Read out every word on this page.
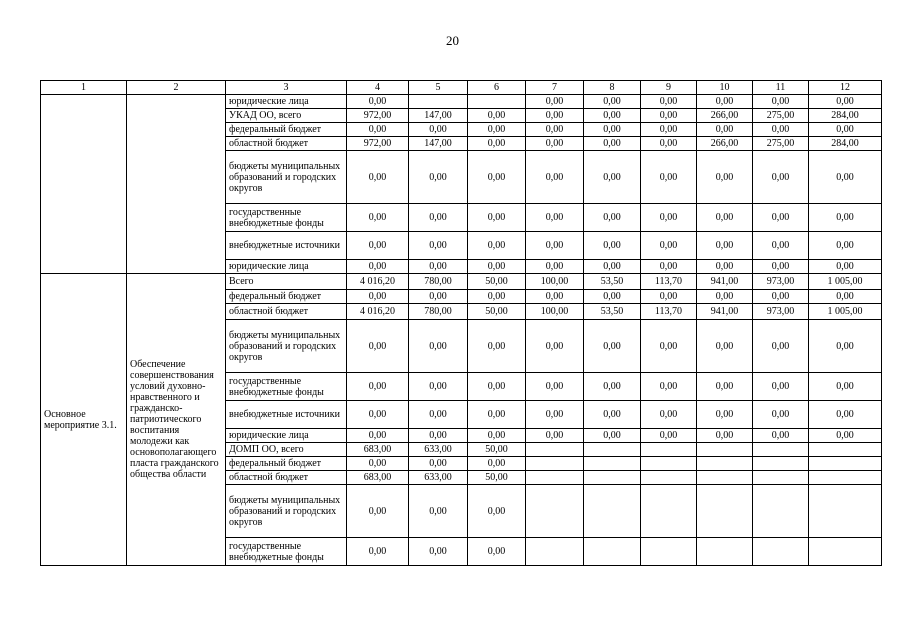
20
1	2	3	4	5	6	7	8	9	10	11	12
		юридические лица	0,00			0,00	0,00	0,00	0,00	0,00	0,00
		УКАД ОО, всего	972,00	147,00	0,00	0,00	0,00	0,00	266,00	275,00	284,00
		федеральный бюджет	0,00	0,00	0,00	0,00	0,00	0,00	0,00	0,00	0,00
		областной бюджет	972,00	147,00	0,00	0,00	0,00	0,00	266,00	275,00	284,00
		бюджеты муниципальных образований и городских округов	0,00	0,00	0,00	0,00	0,00	0,00	0,00	0,00	0,00
		государственные внебюджетные фонды	0,00	0,00	0,00	0,00	0,00	0,00	0,00	0,00	0,00
		внебюджетные источники	0,00	0,00	0,00	0,00	0,00	0,00	0,00	0,00	0,00
		юридические лица	0,00	0,00	0,00	0,00	0,00	0,00	0,00	0,00	0,00
Основное мероприятие 3.1.	Обеспечение совершенствования условий духовно-нравственного и гражданско-патриотического воспитания молодежи как основополагающего пласта гражданского общества области	Всего	4 016,20	780,00	50,00	100,00	53,50	113,70	941,00	973,00	1 005,00
		федеральный бюджет	0,00	0,00	0,00	0,00	0,00	0,00	0,00	0,00	0,00
		областной бюджет	4 016,20	780,00	50,00	100,00	53,50	113,70	941,00	973,00	1 005,00
		бюджеты муниципальных образований и городских округов	0,00	0,00	0,00	0,00	0,00	0,00	0,00	0,00	0,00
		государственные внебюджетные фонды	0,00	0,00	0,00	0,00	0,00	0,00	0,00	0,00	0,00
		внебюджетные источники	0,00	0,00	0,00	0,00	0,00	0,00	0,00	0,00	0,00
		юридические лица	0,00	0,00	0,00	0,00	0,00	0,00	0,00	0,00	0,00
		ДОМП ОО, всего	683,00	633,00	50,00						
		федеральный бюджет	0,00	0,00	0,00						
		областной бюджет	683,00	633,00	50,00						
		бюджеты муниципальных образований и городских округов	0,00	0,00	0,00						
		государственные внебюджетные фонды	0,00	0,00	0,00						
